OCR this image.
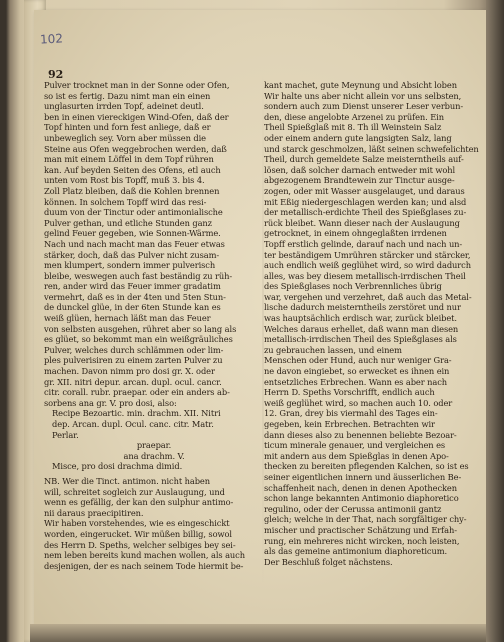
102
92
Pulver trocknet man in der Sonne oder Ofen,
so ist es fertig. Dazu nimt man ein einen
unglasurten irrden Topf, adeinet deutl.
ben in einen viereckigen Wind-Ofen, daß der
Topf hinten und forn fest anliege, daß er
unbeweglich sey. Vorn aber müssen die
Steine aus Ofen weggebrochen werden, daß
man mit einem Löffel in dem Topf rühren
kan. Auf beyden Seiten des Ofens, etl auch
unten vom Rost bis Topff, muß 3. bis 4.
Zoll Platz bleiben, daß die Kohlen brennen
können. In solchem Topff wird das resi-
duum von der Tinctur oder antimonialische
Pulver gethan, und etliche Stunden ganz
gelind Feuer gegeben, wie Sonnen-Wärme.
Nach und nach macht man das Feuer etwas
stärker, doch, daß das Pulver nicht zusam-
men klumpert, sondern immer pulverisch
bleibe, weswegen auch fast beständig zu rüh-
ren, ander wird das Feuer immer gradatim
vermehrt, daß es in der 4ten und 5ten Stun-
de dunckel glüe, in der 6ten Stunde kan es
weiß glüen, hernach läßt man das Feuer
von selbsten ausgehen, rühret aber so lang als
es glüet, so bekommt man ein weißgräuliches
Pulver, welches durch schlämmen oder lim-
ples pulverisiren zu einem zarten Pulver zu
machen. Davon nimm pro dosi gr. X. oder
gr. XII. nitri depur. arcan. dupl. ocul. cancr.
citr. corall. rubr. praepar. oder ein anders ab-
sorbens ana gr. V. pro dosi, also:
Recipe Bezoartic. min. drachm. XII. Nitri
dep. Arcan. dupl. Ocul. canc. citr. Matr.
Perlar.
praepar.
ana drachm. V.
Misce, pro dosi drachma dimid.
NB. Wer die Tinct. antimon. nicht haben
will, schreitet sogleich zur Auslaugung, und
wenn es gefällig, der kan den sulphur antimo-
nii daraus praecipitiren.
Wir haben vorstehendes, wie es eingeschickt
worden, eingerucket. Wir müßen billig, sowol
des Herrn D. Speths, welcher selbiges bey sei-
nem leben bereits kund machen wollen, als auch
desjenigen, der es nach seinem Tode hiermit be-
kant machet, gute Meynung und Absicht loben
Wir halte uns aber nicht allein vor uns selbsten,
sondern auch zum Dienst unserer Leser verbun-
den, diese angelobte Arzenei zu prüfen. Ein
Theil Spießglaß mit 8. Th ill Weinstein Salz
oder einem andern gute langsigten Salz, lang
und starck geschmolzen, läßt seinen schwefelichten
Theil, durch gemeldete Salze meisterntheils auf-
lösen, daß solcher darnach entweder mit wohl
abgezogenem Brandtewein zur Tinctur ausge-
zogen, oder mit Wasser ausgelauget, und daraus
mit Eßig niedergeschlagen werden kan; und alsd
der metallisch-erdichte Theil des Spießglases zu-
rück bleibet. Wann dieser nach der Auslaugung
getrocknet, in einem ohngeglaßten irrdenen
Topff erstlich gelinde, darauf nach und nach un-
ter beständigem Umrühren stärcker und stärcker,
auch endlich weiß geglühet wird, so wird dadurch
alles, was bey diesem metallisch-irrdischen Theil
des Spießglases noch Verbrennliches übrig
war, vergehen und verzehret, daß auch das Metal-
lische dadurch meisterntheils zerstöret und nur
was hauptsächlich erdisch war, zurück bleibet.
Welches daraus erhellet, daß wann man diesen
metallisch-irrdischen Theil des Spießglases als
zu gebrauchen lassen, und einem
Menschen oder Hund, auch nur weniger Gra-
ne davon eingiebet, so erwecket es ihnen ein
entsetzliches Erbrechen. Wann es aber nach
Herrn D. Speths Vorschrifft, endlich auch
weiß geglühet wird, so machen auch 10. oder
12. Gran, drey bis viermahl des Tages ein-
gegeben, kein Erbrechen. Betrachten wir
dann dieses also zu benennen beliebte Bezoar-
ticum minerale genauer, und vergleichen es
mit andern aus dem Spießglas in denen Apo-
thecken zu bereiten pflegenden Kalchen, so ist es
seiner eigentlichen innern und äusserlichen Be-
schaffenheit nach, denen in denen Apothecken
schon lange bekannten Antimonio diaphoretico
regulino, oder der Cerussa antimonii gantz
gleich; welche in der That, nach sorgfältiger chy-
mischer und practischer Schätzung und Erfah-
rung, ein mehreres nicht wircken, noch leisten,
als das gemeine antimonium diaphoreticum.
Der Beschluß folget nächstens.
